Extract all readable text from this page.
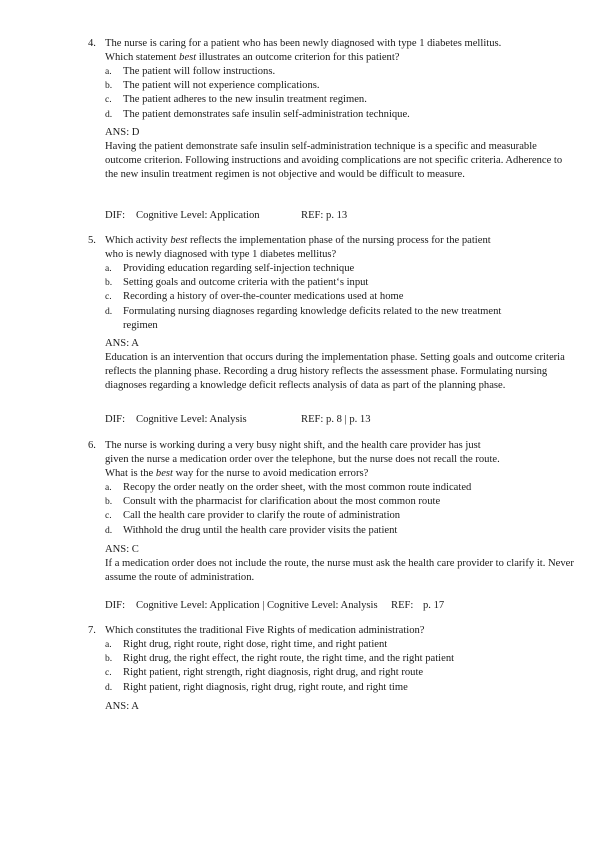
4. The nurse is caring for a patient who has been newly diagnosed with type 1 diabetes mellitus.

Which statement best illustrates an outcome criterion for this patient?

a. The patient will follow instructions.
b. The patient will not experience complications.
c. The patient adheres to the new insulin treatment regimen.
d. The patient demonstrates safe insulin self-administration technique.
ANS: D
Having the patient demonstrate safe insulin self-administration technique is a specific and measurable outcome criterion. Following instructions and avoiding complications are not specific criteria. Adherence to the new insulin treatment regimen is not objective and would be difficult to measure.
DIF: Cognitive Level: Application	REF: p. 13
5. Which activity best reflects the implementation phase of the nursing process for the patient

who is newly diagnosed with type 1 diabetes mellitus?

a. Providing education regarding self-injection technique
b. Setting goals and outcome criteria with the patient‘s input
c. Recording a history of over-the-counter medications used at home
d. Formulating nursing diagnoses regarding knowledge deficits related to the new treatment regimen
ANS: A
Education is an intervention that occurs during the implementation phase. Setting goals and outcome criteria reflects the planning phase. Recording a drug history reflects the assessment phase. Formulating nursing diagnoses regarding a knowledge deficit reflects analysis of data as part of the planning phase.
DIF: Cognitive Level: Analysis	REF: p. 8 | p. 13
6. The nurse is working during a very busy night shift, and the health care provider has just

given the nurse a medication order over the telephone, but the nurse does not recall the route.

What is the best way for the nurse to avoid medication errors?

a. Recopy the order neatly on the order sheet, with the most common route indicated
b. Consult with the pharmacist for clarification about the most common route
c. Call the health care provider to clarify the route of administration
d. Withhold the drug until the health care provider visits the patient
ANS: C
If a medication order does not include the route, the nurse must ask the health care provider to clarify it. Never assume the route of administration.
DIF: Cognitive Level: Application | Cognitive Level: Analysis REF: p. 17
7. Which constitutes the traditional Five Rights of medication administration?

a. Right drug, right route, right dose, right time, and right patient
b. Right drug, the right effect, the right route, the right time, and the right patient
c. Right patient, right strength, right diagnosis, right drug, and right route
d. Right patient, right diagnosis, right drug, right route, and right time
ANS: A
